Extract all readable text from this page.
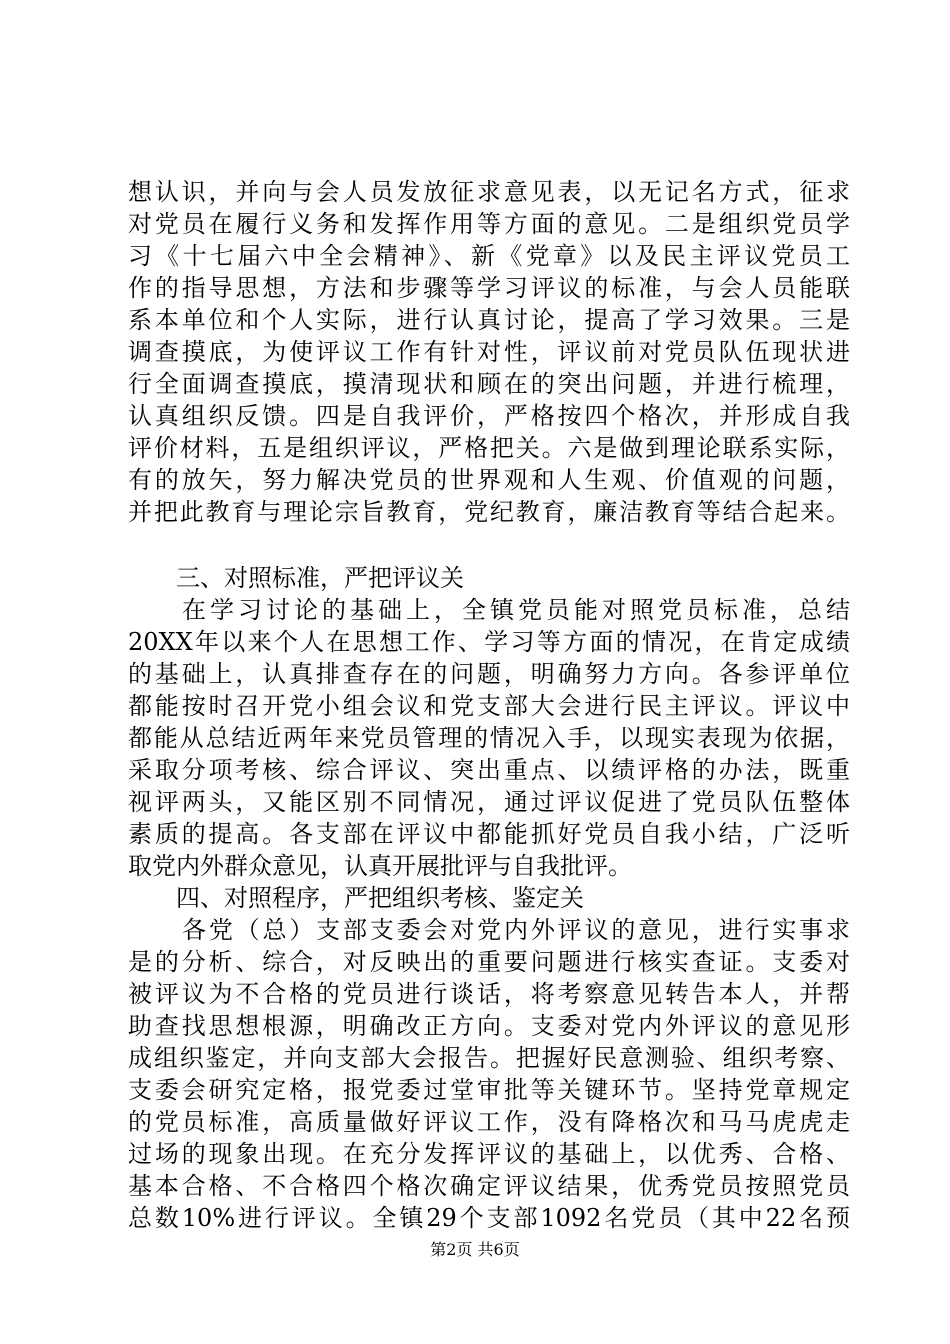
想认识，并向与会人员发放征求意见表，以无记名方式，征求
对党员在履行义务和发挥作用等方面的意见。二是组织党员学
习《十七届六中全会精神》、新《党章》以及民主评议党员工
作的指导思想，方法和步骤等学习评议的标准，与会人员能联
系本单位和个人实际，进行认真讨论，提高了学习效果。三是
调查摸底，为使评议工作有针对性，评议前对党员队伍现状进
行全面调查摸底，摸清现状和顾在的突出问题，并进行梳理，
认真组织反馈。四是自我评价，严格按四个格次，并形成自我
评价材料，五是组织评议，严格把关。六是做到理论联系实际，
有的放矢，努力解决党员的世界观和人生观、价值观的问题，
并把此教育与理论宗旨教育，党纪教育，廉洁教育等结合起来。
三、对照标准，严把评议关
在学习讨论的基础上，全镇党员能对照党员标准，总结
20XX年以来个人在思想工作、学习等方面的情况，在肯定成绩
的基础上，认真排查存在的问题，明确努力方向。各参评单位
都能按时召开党小组会议和党支部大会进行民主评议。评议中
都能从总结近两年来党员管理的情况入手，以现实表现为依据，
采取分项考核、综合评议、突出重点、以绩评格的办法，既重
视评两头，又能区别不同情况，通过评议促进了党员队伍整体
素质的提高。各支部在评议中都能抓好党员自我小结，广泛听
取党内外群众意见，认真开展批评与自我批评。
四、对照程序，严把组织考核、鉴定关
各党（总）支部支委会对党内外评议的意见，进行实事求
是的分析、综合，对反映出的重要问题进行核实查证。支委对
被评议为不合格的党员进行谈话，将考察意见转告本人，并帮
助查找思想根源，明确改正方向。支委对党内外评议的意见形
成组织鉴定，并向支部大会报告。把握好民意测验、组织考察、
支委会研究定格，报党委过堂审批等关键环节。坚持党章规定
的党员标准，高质量做好评议工作，没有降格次和马马虎虎走
过场的现象出现。在充分发挥评议的基础上，以优秀、合格、
基本合格、不合格四个格次确定评议结果，优秀党员按照党员
总数10%进行评议。全镇29个支部1092名党员（其中22名预
第2页 共6页
